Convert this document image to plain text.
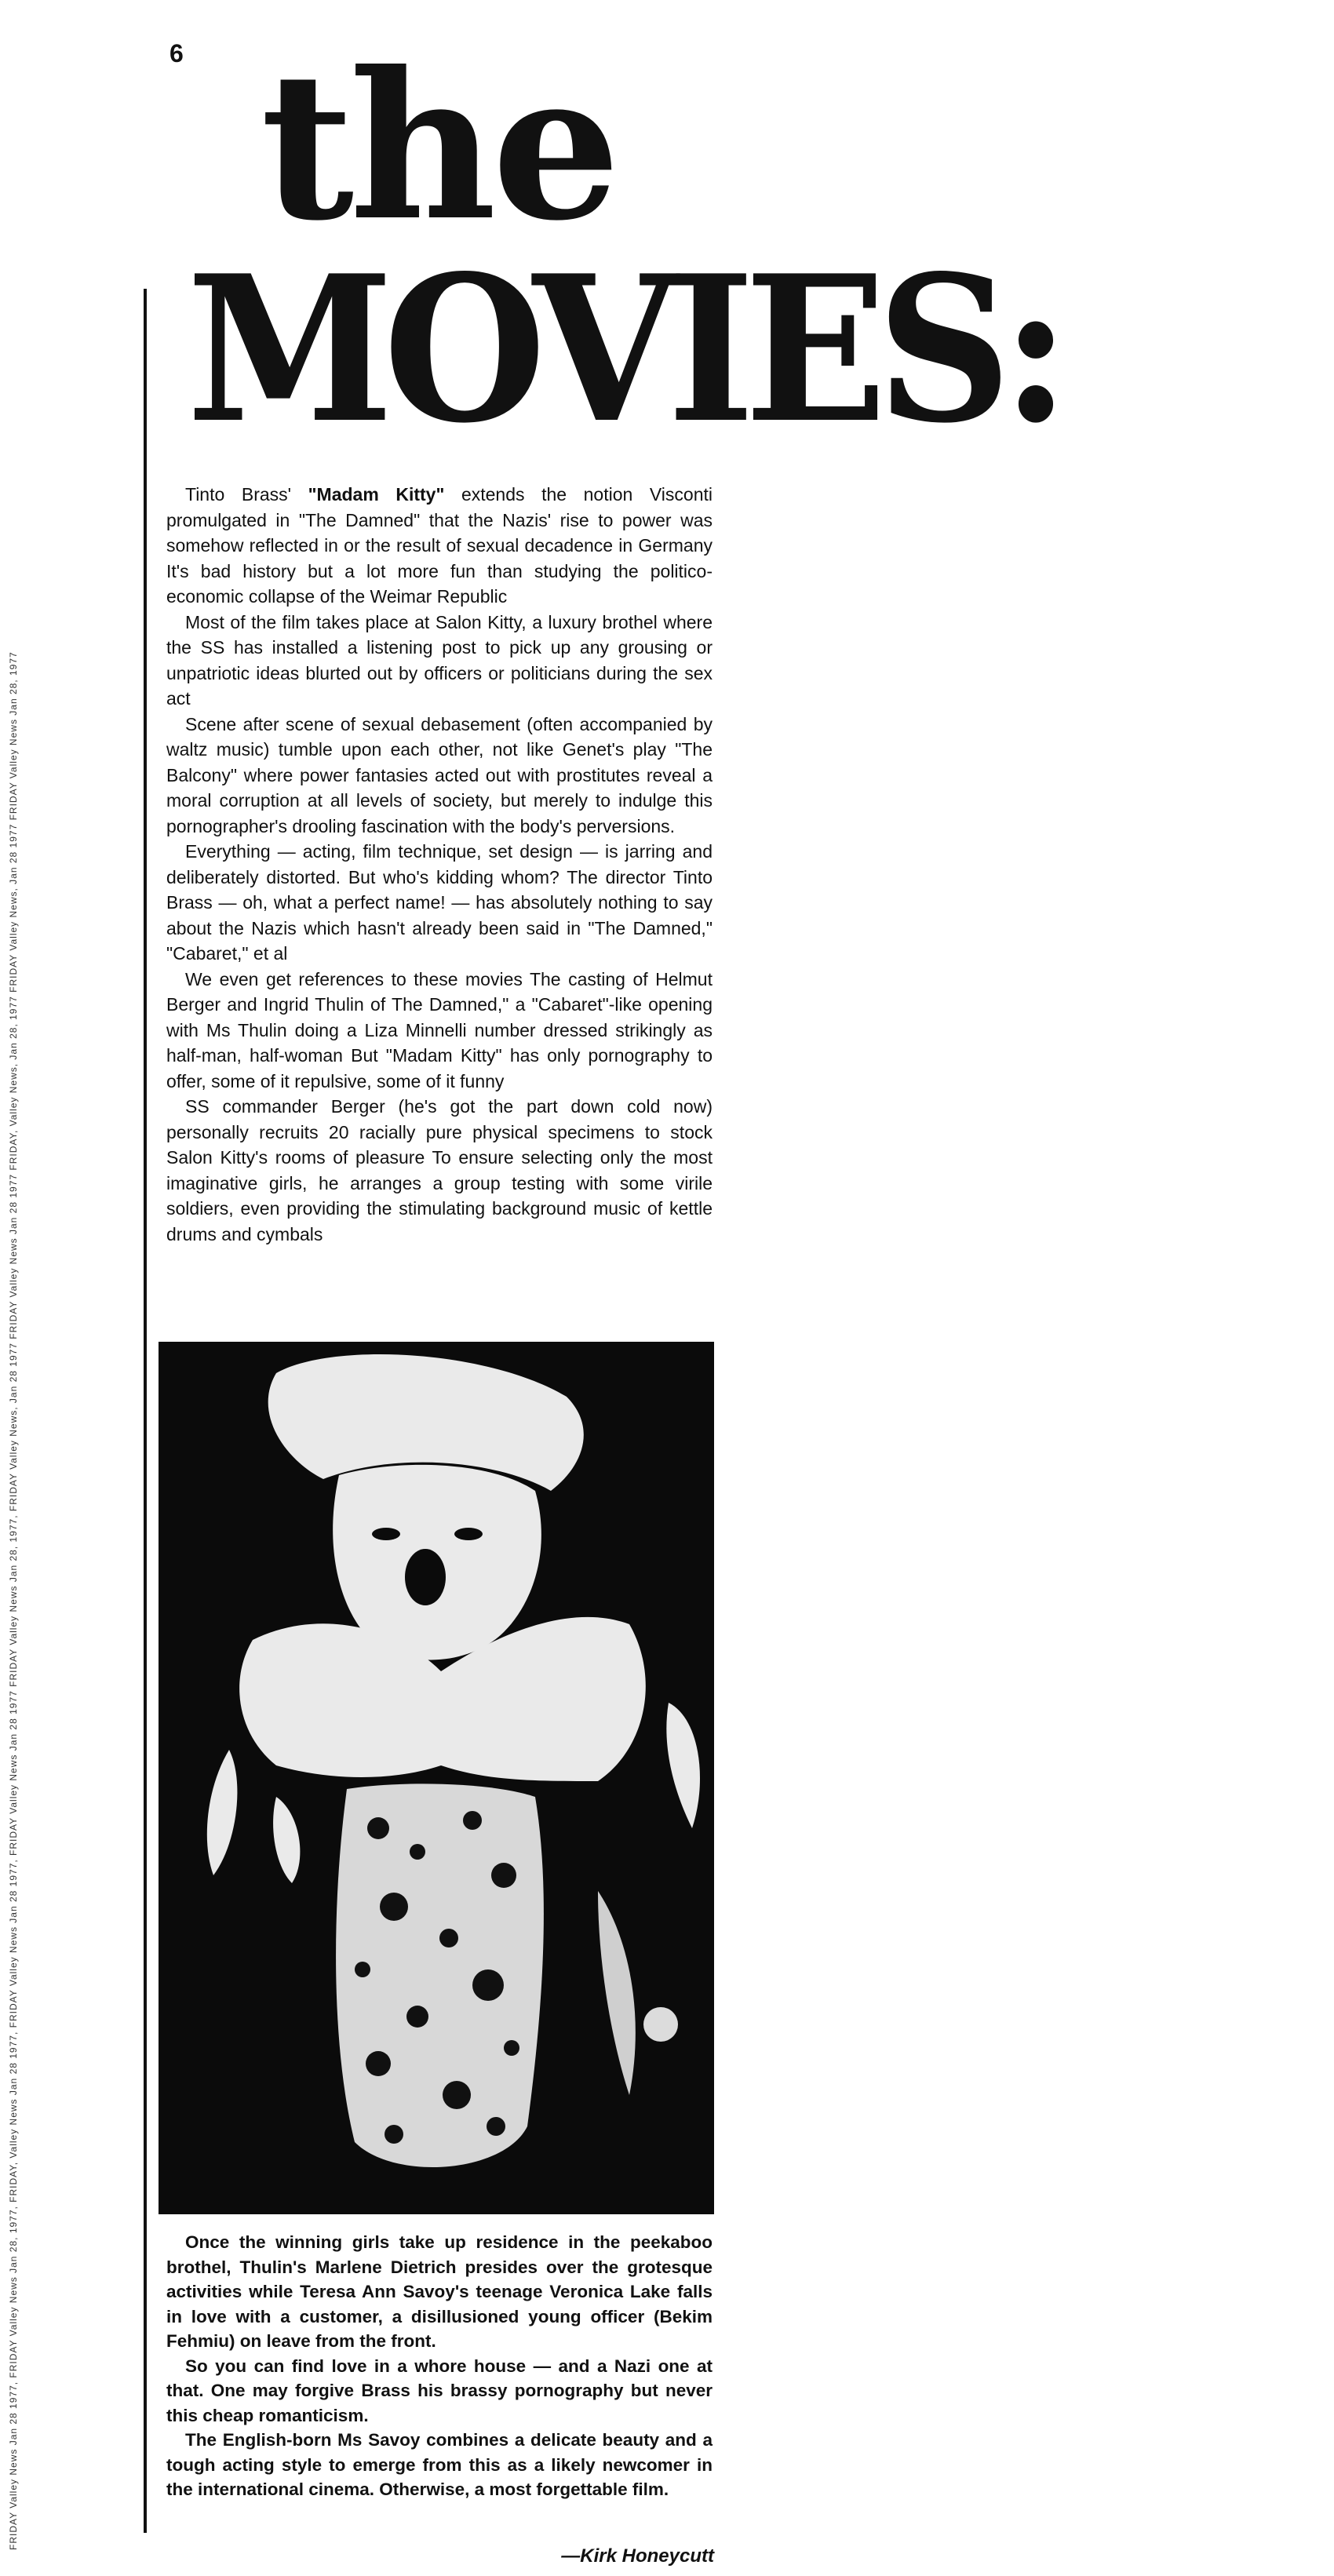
6
FRIDAY Valley News Jan 28 1977, FRIDAY Valley News Jan 28, 1977, FRIDAY, Valley News Jan 28 1977, FRIDAY Valley News Jan 28 1977, FRIDAY Valley News Jan 28 1977 FRIDAY Valley News Jan 28, 1977, FRIDAY Valley News, Jan 28 1977 FRIDAY Valley News Jan 28 1977 FRIDAY, Valley News, Jan 28, 1977 FRIDAY Valley News, Jan 28 1977 FRIDAY Valley News Jan 28, 1977
the
MOVIES:

Tinto Brass' "Madam Kitty" extends the notion Visconti promulgated in "The Damned" that the Nazis' rise to power was somehow reflected in or the result of sexual decadence in Germany It's bad history but a lot more fun than studying the politico-economic collapse of the Weimar Republic

Most of the film takes place at Salon Kitty, a luxury brothel where the SS has installed a listening post to pick up any grousing or unpatriotic ideas blurted out by officers or politicians during the sex act

Scene after scene of sexual debasement (often accompanied by waltz music) tumble upon each other, not like Genet's play "The Balcony" where power fantasies acted out with prostitutes reveal a moral corruption at all levels of society, but merely to indulge this pornographer's drooling fascination with the body's perversions.

Everything — acting, film technique, set design — is jarring and deliberately distorted. But who's kidding whom? The director Tinto Brass — oh, what a perfect name! — has absolutely nothing to say about the Nazis which hasn't already been said in "The Damned," "Cabaret," et al

We even get references to these movies The casting of Helmut Berger and Ingrid Thulin of The Damned," a "Cabaret"-like opening with Ms Thulin doing a Liza Minnelli number dressed strikingly as half-man, half-woman But "Madam Kitty" has only pornography to offer, some of it repulsive, some of it funny

SS commander Berger (he's got the part down cold now) personally recruits 20 racially pure physical specimens to stock Salon Kitty's rooms of pleasure To ensure selecting only the most imaginative girls, he arranges a group testing with some virile soldiers, even providing the stimulating background music of kettle drums and cymbals

Once the winning girls take up residence in the peekaboo brothel, Thulin's Marlene Dietrich presides over the grotesque activities while Teresa Ann Savoy's teenage Veronica Lake falls in love with a customer, a disillusioned young officer (Bekim Fehmiu) on leave from the front.

So you can find love in a whore house — and a Nazi one at that. One may forgive Brass his brassy pornography but never this cheap romanticism.

The English-born Ms Savoy combines a delicate beauty and a tough acting style to emerge from this as a likely newcomer in the international cinema. Otherwise, a most forgettable film.

—Kirk Honeycutt
